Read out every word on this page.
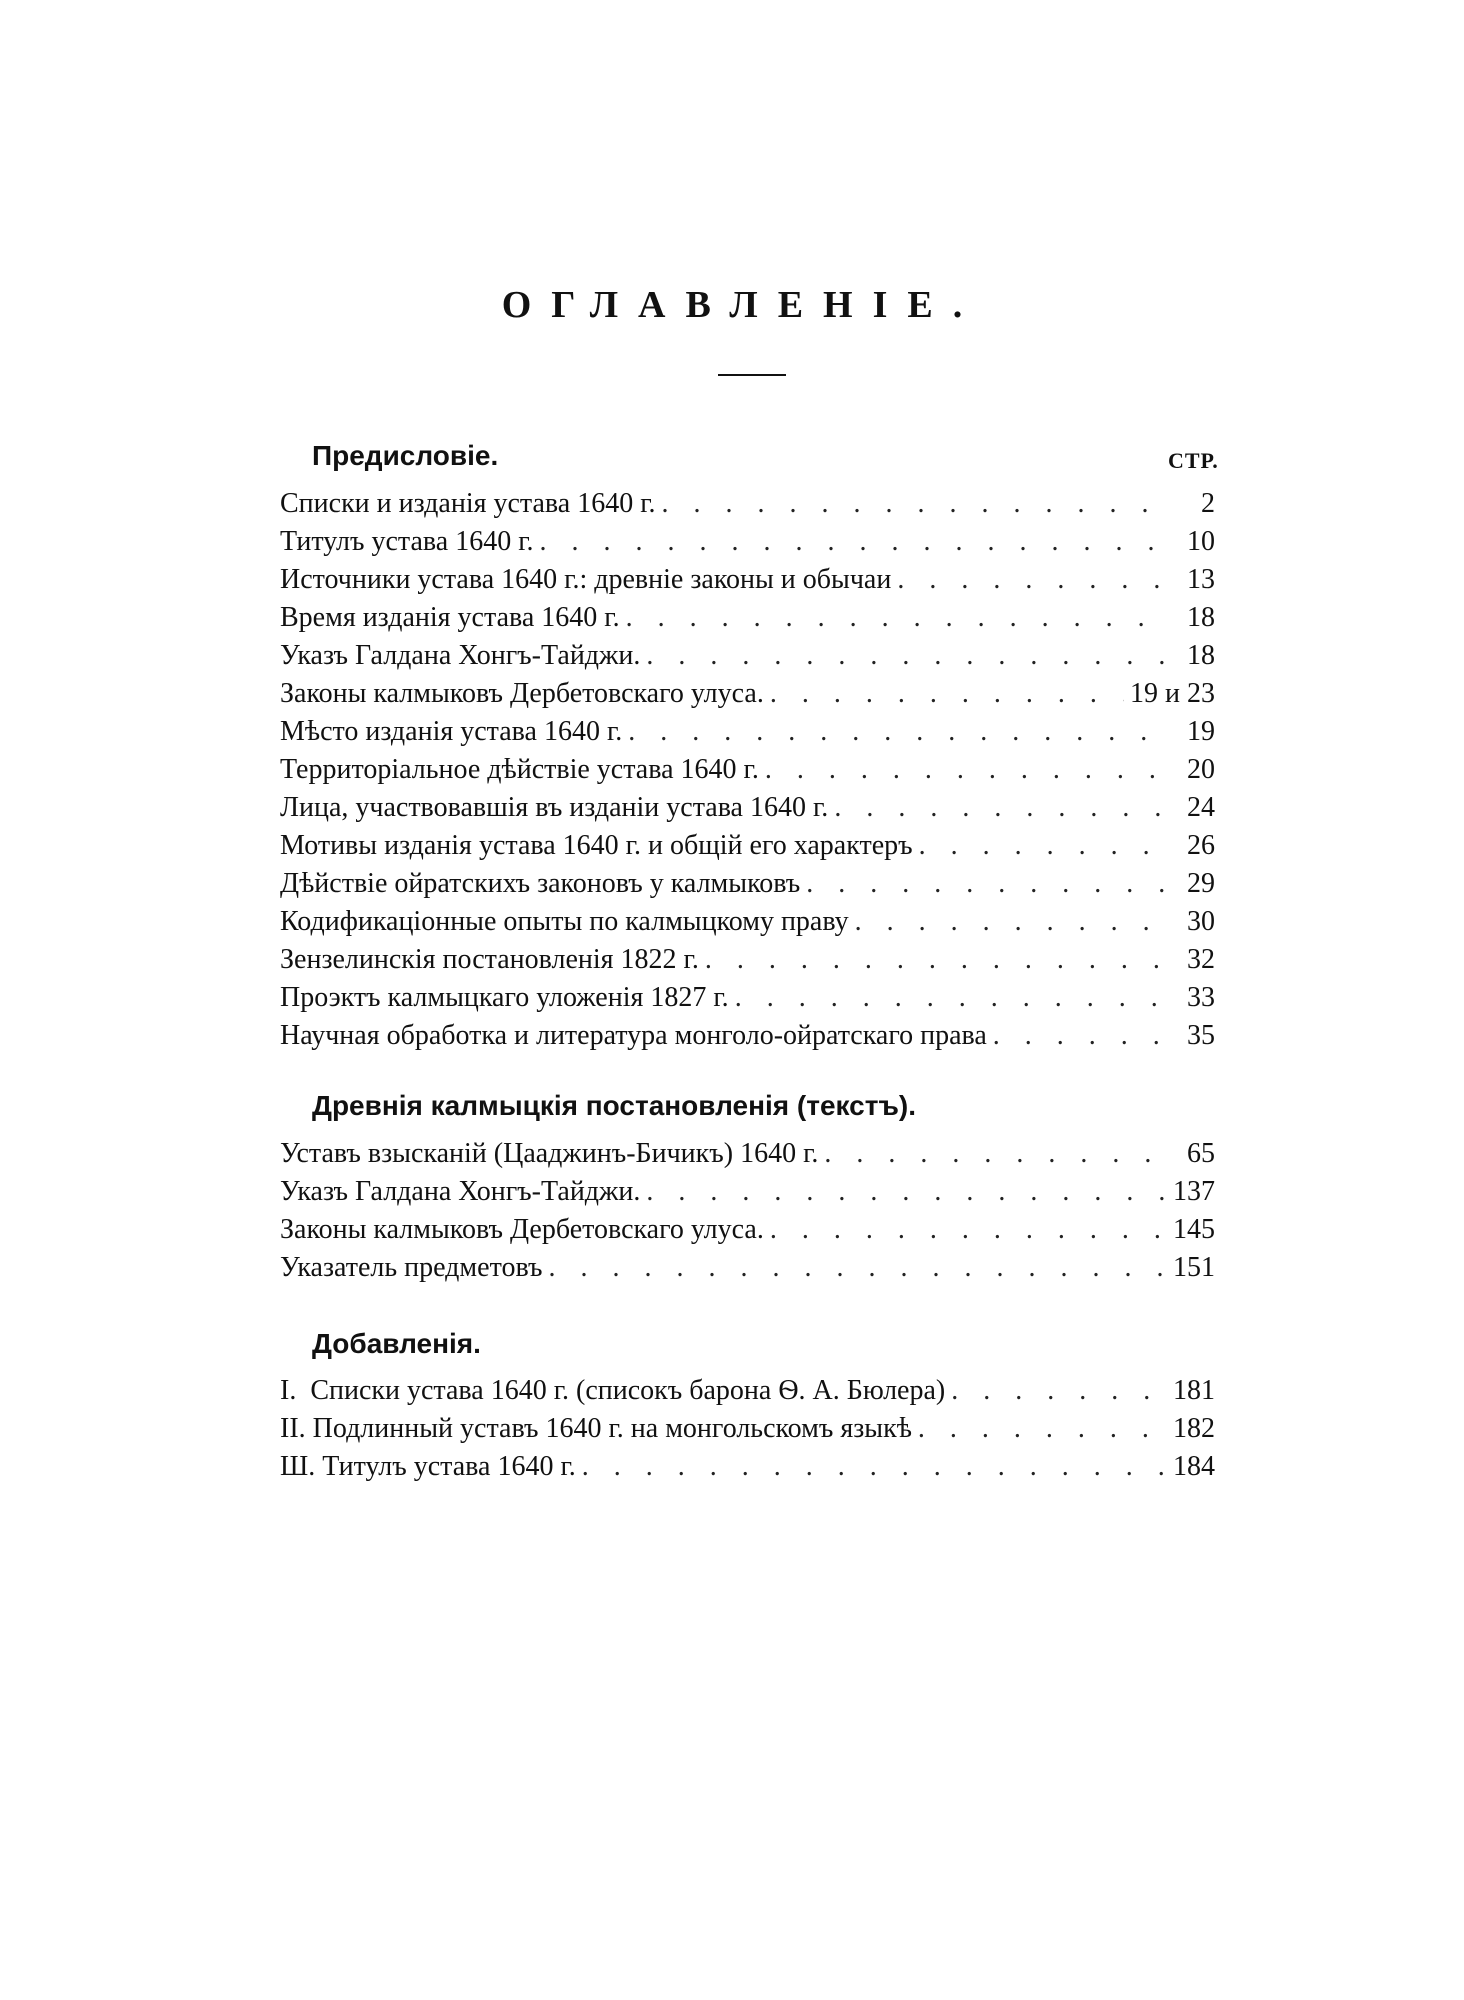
ОГЛАВЛЕНІЕ.
Предисловіе.	СТР.
Списки и изданія устава 1640 г. . . .	2
Титулъ устава 1640 г. . . .	10
Источники устава 1640 г.: древніе законы и обычаи . . .	13
Время изданія устава 1640 г. . . .	18
Указъ Галдана Хонгъ-Тайджи. . . .	18
Законы калмыковъ Дербетовскаго улуса. . . .	19 и 23
Мѣсто изданія устава 1640 г. . . .	19
Территоріальное дѣйствіе устава 1640 г. . . .	20
Лица, участвовавшія въ изданіи устава 1640 г. . . .	24
Мотивы изданія устава 1640 г. и общій его характеръ . . .	26
Дѣйствіе ойратскихъ законовъ у калмыковъ . . .	29
Кодификаціонные опыты по калмыцкому праву . . .	30
Зензелинскія постановленія 1822 г. . . .	32
Проэктъ калмыцкаго уложенія 1827 г. . . .	33
Научная обработка и литература монголо-ойратскаго права . . .	35
Древнія калмыцкія постановленія (текстъ).
Уставъ взысканій (Цааджинъ-Бичикъ) 1640 г. . . .	65
Указъ Галдана Хонгъ-Тайджи. . . .	137
Законы калмыковъ Дербетовскаго улуса. . . .	145
Указатель предметовъ . . .	151
Добавленія.
I.  Списки устава 1640 г. (списокъ барона Ѳ. А. Бюлера) . . .	181
II. Подлинный уставъ 1640 г. на монгольскомъ языкѣ . . .	182
Ш. Титулъ устава 1640 г. . . .	184
